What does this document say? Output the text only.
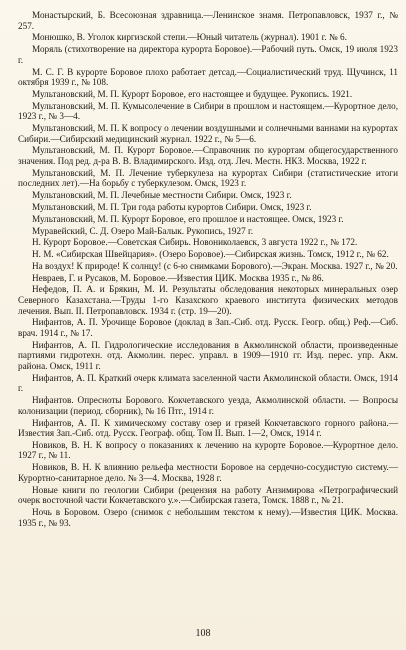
Монастырский, Б. Всесоюзная здравница.—Ленинское знамя. Петропавловск, 1937 г., № 257.

Монюшко, В. Уголок киргизской степи.—Юный читатель (журнал). 1901 г. № 6.

Моряль (стихотворение на директора курорта Боровое).—Рабочий путь. Омск, 19 июля 1923 г.

М. С. Г. В курорте Боровое плохо работает детсад.—Социалистический труд. Щучинск, 11 октября 1939 г., № 108.

Мультановский, М. П. Курорт Боровое, его настоящее и будущее. Рукопись. 1921.

Мультановский, М. П. Кумысолечение в Сибири в прошлом и настоящем.—Курортное дело, 1923 г., № 3—4.

Мультановский, М. П. К вопросу о лечении воздушными и солнечными ваннами на курортах Сибири.—Сибирский медицинский журнал. 1922 г., № 5—6.

Мультановский, М. П. Курорт Боровое.—Справочник по курортам общегосударственного значения. Под ред. д-ра В. В. Владимирского. Изд. отд. Леч. Местн. НКЗ. Москва, 1922 г.

Мультановский, М. П. Лечение туберкулеза на курортах Сибири (статистические итоги последних лет).—На борьбу с туберкулезом. Омск, 1923 г.

Мультановский, М. П. Лечебные местности Сибири. Омск, 1923 г.

Мультановский, М. П. Три года работы курортов Сибири. Омск, 1923 г.

Мультановский, М. П. Курорт Боровое, его прошлое и настоящее. Омск, 1923 г.

Муравейский, С. Д. Озеро Май-Балык. Рукопись, 1927 г.

Н. Курорт Боровое.—Советская Сибирь. Новониколаевск, 3 августа 1922 г., № 172.

Н. М. «Сибирская Швейцария». (Озеро Боровое).—Сибирская жизнь. Томск, 1912 г., № 62.

На воздух! К природе! К солнцу! (с 6-ю снимками Борового).—Экран. Москва. 1927 г., № 20.

Невраев, Г. и Русаков, М. Боровое.—Известия ЦИК. Москва 1935 г., № 86.

Нефедов, П. А. и Брякин, М. И. Результаты обследования некоторых минеральных озер Северного Казахстана.—Труды 1-го Казахского краевого института физических методов лечения. Вып. II. Петропавловск. 1934 г. (стр. 19—20).

Нифантов, А. П. Урочище Боровое (доклад в Зап.-Сиб. отд. Русск. Геогр. общ.) Реф.—Сиб. врач. 1914 г., № 17.

Нифантов, А. П. Гидрологические исследования в Акмолинской области, произведенные партиями гидротехн. отд. Акмолин. перес. управл. в 1909—1910 гг. Изд. перес. упр. Акм. района. Омск, 1911 г.

Нифантов, А. П. Краткий очерк климата заселенной части Акмолинской области. Омск, 1914 г.

Нифантов. Опресноты Борового. Кокчетавского уезда, Акмолинской области. — Вопросы колонизации (период. сборник), № 16 Птг., 1914 г.

Нифантов, А. П. К химическому составу озер и грязей Кокчетавского горного района.—Известия Зап.-Сиб. отд. Русск. Географ. общ. Том II. Вып. 1—2, Омск, 1914 г.

Новиков, В. Н. К вопросу о показаниях к лечению на курорте Боровое.—Курортное дело. 1927 г., № 11.

Новиков, В. Н. К влиянию рельефа местности Боровое на сердечно-сосудистую систему.—Курортно-санитарное дело. № 3—4. Москва, 1928 г.

Новые книги по геологии Сибири (рецензия на работу Анзимирова «Петрографический очерк восточной части Кокчетавского у.».—Сибирская газета, Томск. 1888 г., № 21.

Ночь в Боровом. Озеро (снимок с небольшим текстом к нему).—Известия ЦИК. Москва. 1935 г., № 93.

108
